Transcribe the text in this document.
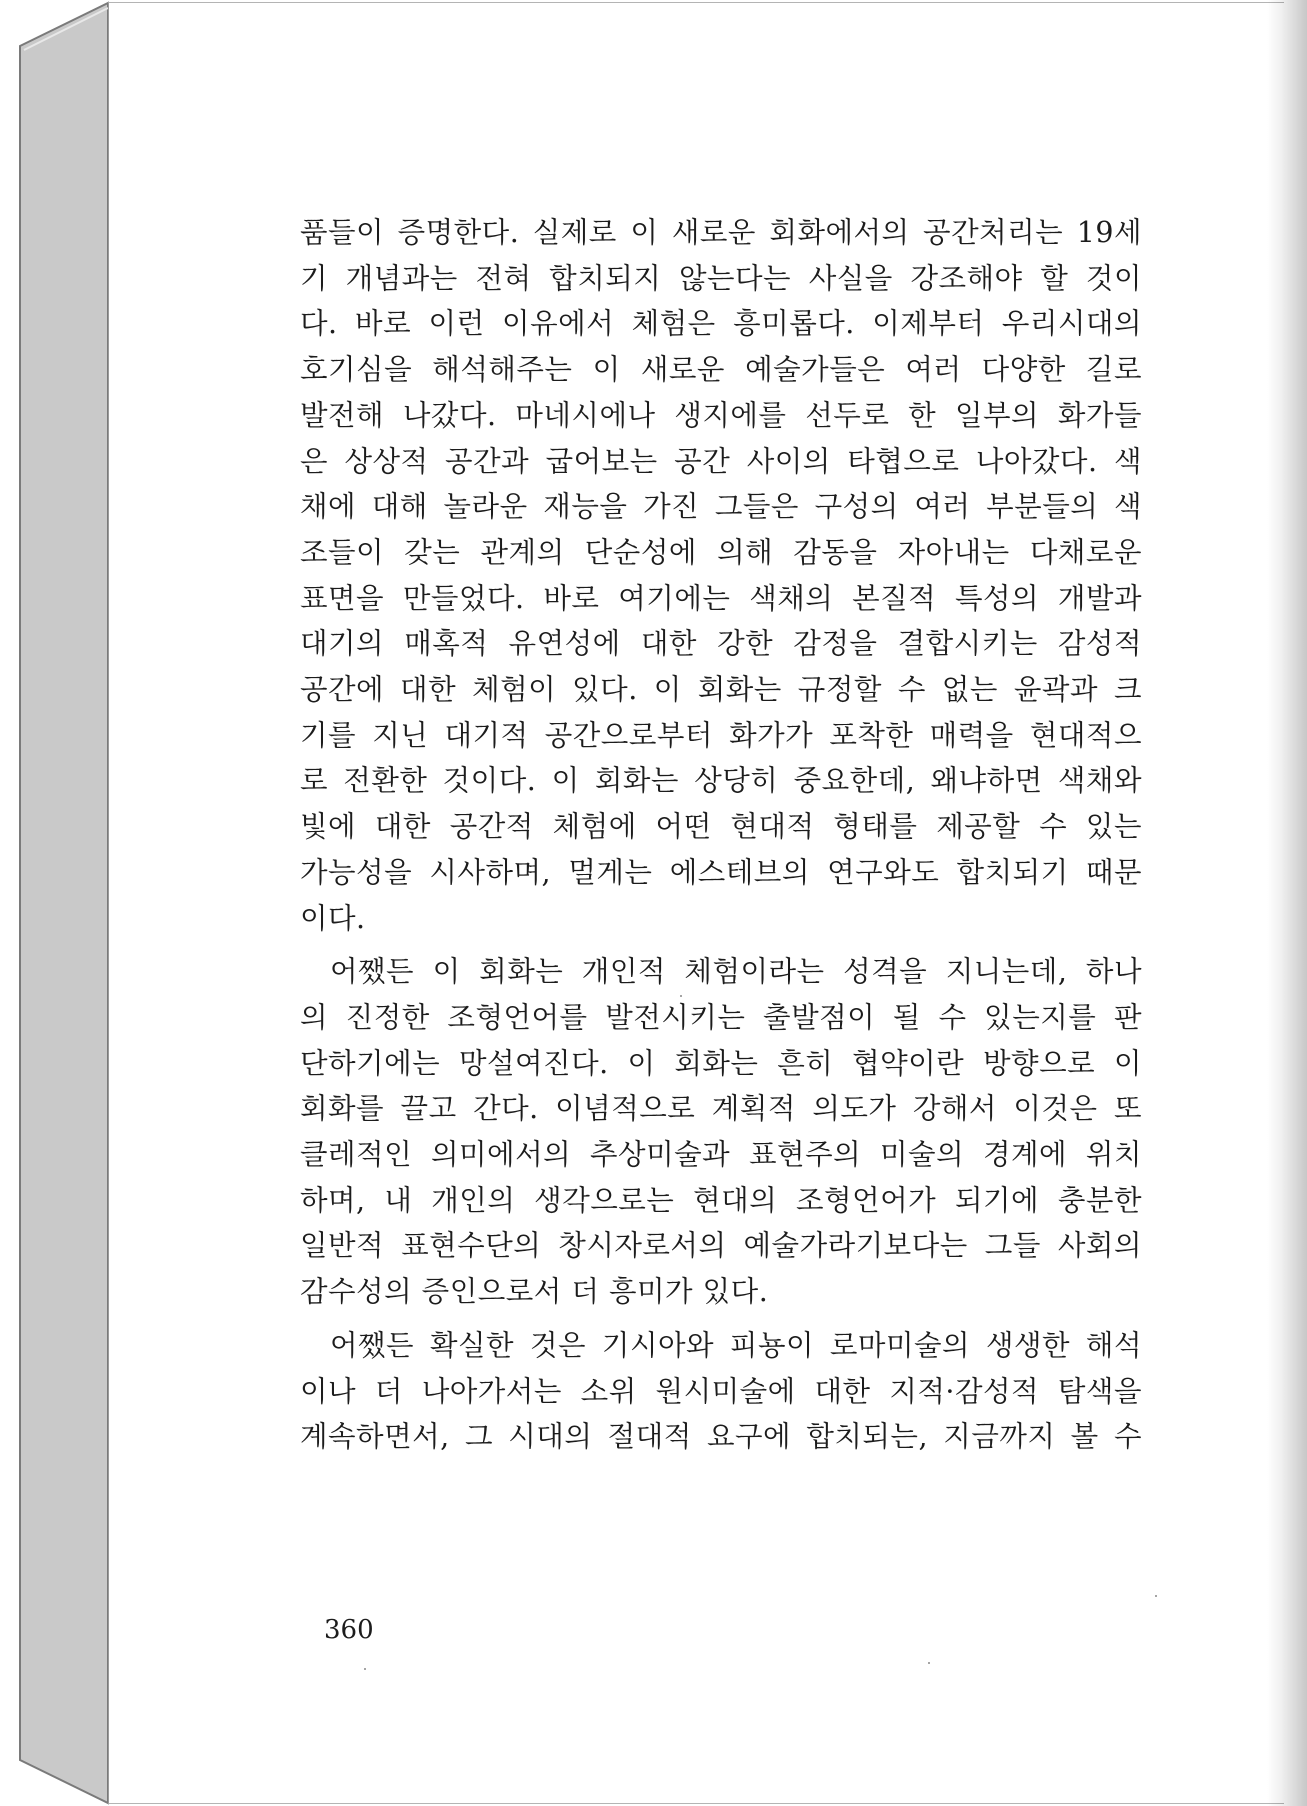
품들이 증명한다. 실제로 이 새로운 회화에서의 공간처리는 19세
기 개념과는 전혀 합치되지 않는다는 사실을 강조해야 할 것이
다. 바로 이런 이유에서 체험은 흥미롭다. 이제부터 우리시대의
호기심을 해석해주는 이 새로운 예술가들은 여러 다양한 길로
발전해 나갔다. 마네시에나 생지에를 선두로 한 일부의 화가들
은 상상적 공간과 굽어보는 공간 사이의 타협으로 나아갔다. 색
채에 대해 놀라운 재능을 가진 그들은 구성의 여러 부분들의 색
조들이 갖는 관계의 단순성에 의해 감동을 자아내는 다채로운
표면을 만들었다. 바로 여기에는 색채의 본질적 특성의 개발과
대기의 매혹적 유연성에 대한 강한 감정을 결합시키는 감성적
공간에 대한 체험이 있다. 이 회화는 규정할 수 없는 윤곽과 크
기를 지닌 대기적 공간으로부터 화가가 포착한 매력을 현대적으
로 전환한 것이다. 이 회화는 상당히 중요한데, 왜냐하면 색채와
빛에 대한 공간적 체험에 어떤 현대적 형태를 제공할 수 있는
가능성을 시사하며, 멀게는 에스테브의 연구와도 합치되기 때문
이다.

어쨌든 이 회화는 개인적 체험이라는 성격을 지니는데, 하나
의 진정한 조형언어를 발전시키는 출발점이 될 수 있는지를 판
단하기에는 망설여진다. 이 회화는 흔히 협약이란 방향으로 이
회화를 끌고 간다. 이념적으로 계획적 의도가 강해서 이것은 또
클레적인 의미에서의 추상미술과 표현주의 미술의 경계에 위치
하며, 내 개인의 생각으로는 현대의 조형언어가 되기에 충분한
일반적 표현수단의 창시자로서의 예술가라기보다는 그들 사회의
감수성의 증인으로서 더 흥미가 있다.

어쨌든 확실한 것은 기시아와 피뇽이 로마미술의 생생한 해석
이나 더 나아가서는 소위 원시미술에 대한 지적·감성적 탐색을
계속하면서, 그 시대의 절대적 요구에 합치되는, 지금까지 볼 수

360
